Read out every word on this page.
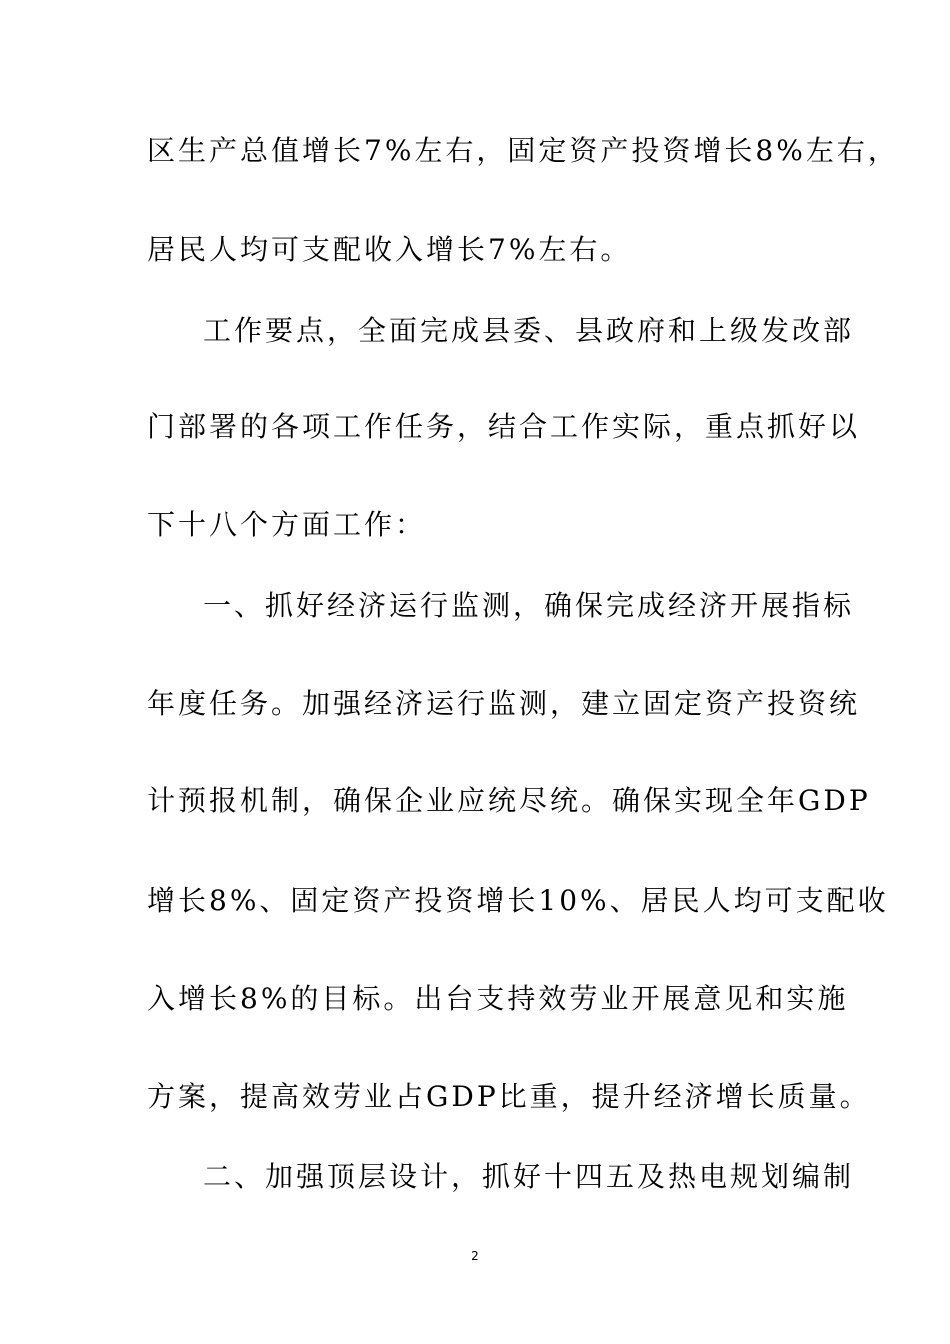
区生产总值增长7%左右，固定资产投资增长8%左右，
居民人均可支配收入增长7%左右。
工作要点，全面完成县委、县政府和上级发改部
门部署的各项工作任务，结合工作实际，重点抓好以
下十八个方面工作：
一、抓好经济运行监测，确保完成经济开展指标
年度任务。加强经济运行监测，建立固定资产投资统
计预报机制，确保企业应统尽统。确保实现全年GDP
增长8%、固定资产投资增长10%、居民人均可支配收
入增长8%的目标。出台支持效劳业开展意见和实施
方案，提高效劳业占GDP比重，提升经济增长质量。
二、加强顶层设计，抓好十四五及热电规划编制
2
